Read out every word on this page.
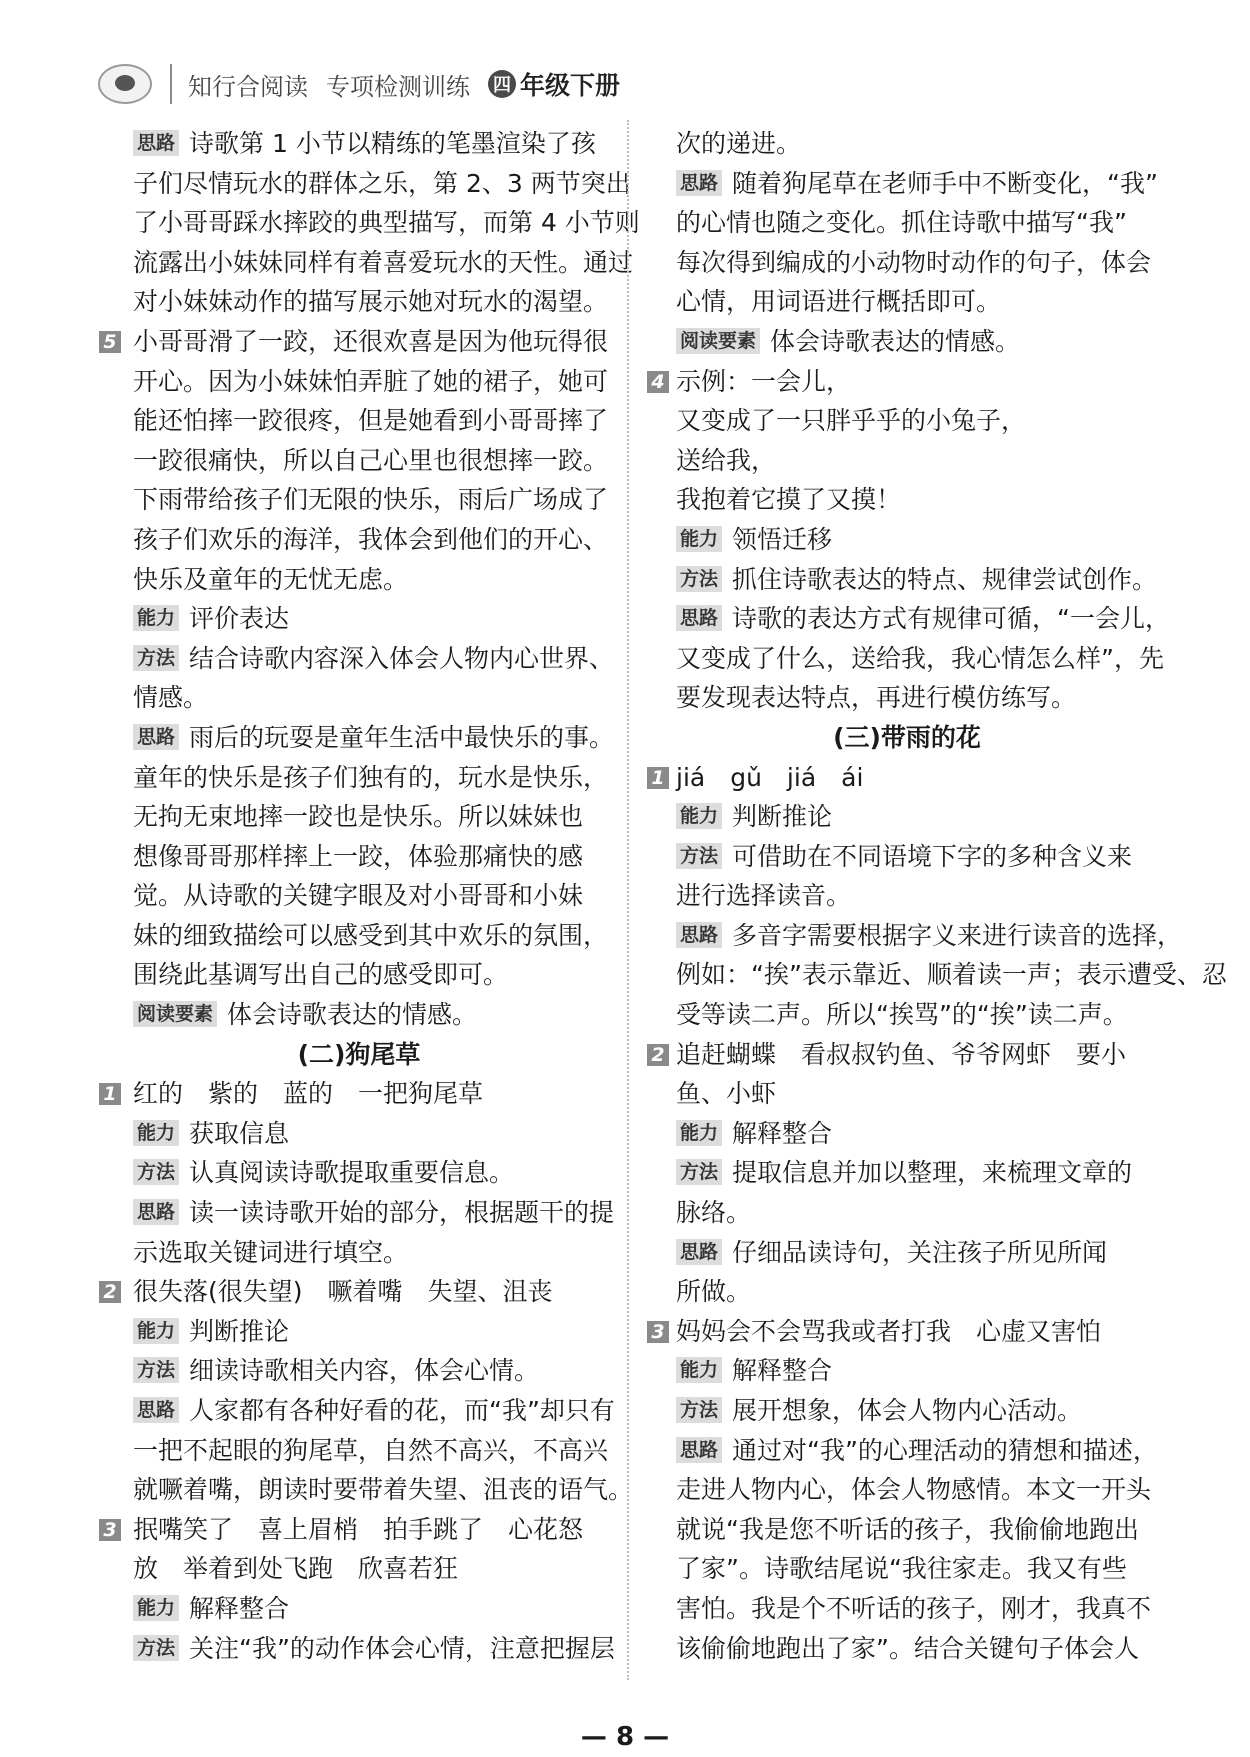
知行合阅读 专项检测训练 四 年级下册
思路 诗歌第 1 小节以精练的笔墨渲染了孩
子们尽情玩水的群体之乐，第 2、3 两节突出
了小哥哥踩水摔跤的典型描写，而第 4 小节则
流露出小妹妹同样有着喜爱玩水的天性。通过
对小妹妹动作的描写展示她对玩水的渴望。
5 小哥哥滑了一跤，还很欢喜是因为他玩得很
开心。因为小妹妹怕弄脏了她的裙子，她可
能还怕摔一跤很疼，但是她看到小哥哥摔了
一跤很痛快，所以自己心里也很想摔一跤。
下雨带给孩子们无限的快乐，雨后广场成了
孩子们欢乐的海洋，我体会到他们的开心、
快乐及童年的无忧无虑。
能力 评价表达
方法 结合诗歌内容深入体会人物内心世界、
情感。
思路 雨后的玩耍是童年生活中最快乐的事。
童年的快乐是孩子们独有的，玩水是快乐，
无拘无束地摔一跤也是快乐。所以妹妹也
想像哥哥那样摔上一跤，体验那痛快的感
觉。从诗歌的关键字眼及对小哥哥和小妹
妹的细致描绘可以感受到其中欢乐的氛围，
围绕此基调写出自己的感受即可。
阅读要素 体会诗歌表达的情感。
(二)狗尾草
1 红的　紫的　蓝的　一把狗尾草
能力 获取信息
方法 认真阅读诗歌提取重要信息。
思路 读一读诗歌开始的部分，根据题干的提
示选取关键词进行填空。
2 很失落(很失望)　噘着嘴　失望、沮丧
能力 判断推论
方法 细读诗歌相关内容，体会心情。
思路 人家都有各种好看的花，而“我”却只有
一把不起眼的狗尾草，自然不高兴，不高兴
就噘着嘴，朗读时要带着失望、沮丧的语气。
3 抿嘴笑了　喜上眉梢　拍手跳了　心花怒
放　举着到处飞跑　欣喜若狂
能力 解释整合
方法 关注“我”的动作体会心情，注意把握层
次的递进。
思路 随着狗尾草在老师手中不断变化，“我”
的心情也随之变化。抓住诗歌中描写“我”
每次得到编成的小动物时动作的句子，体会
心情，用词语进行概括即可。
阅读要素 体会诗歌表达的情感。
4 示例：一会儿，
又变成了一只胖乎乎的小兔子，
送给我，
我抱着它摸了又摸！
能力 领悟迁移
方法 抓住诗歌表达的特点、规律尝试创作。
思路 诗歌的表达方式有规律可循，“一会儿，
又变成了什么，送给我，我心情怎么样”，先
要发现表达特点，再进行模仿练写。
(三)带雨的花
1 jiá　gǔ　jiá　ái
能力 判断推论
方法 可借助在不同语境下字的多种含义来
进行选择读音。
思路 多音字需要根据字义来进行读音的选择，
例如：“挨”表示靠近、顺着读一声；表示遭受、忍
受等读二声。所以“挨骂”的“挨”读二声。
2 追赶蝴蝶　看叔叔钓鱼、爷爷网虾　要小
鱼、小虾
能力 解释整合
方法 提取信息并加以整理，来梳理文章的
脉络。
思路 仔细品读诗句，关注孩子所见所闻
所做。
3 妈妈会不会骂我或者打我　心虚又害怕
能力 解释整合
方法 展开想象，体会人物内心活动。
思路 通过对“我”的心理活动的猜想和描述，
走进人物内心，体会人物感情。本文一开头
就说“我是您不听话的孩子，我偷偷地跑出
了家”。诗歌结尾说“我往家走。我又有些
害怕。我是个不听话的孩子，刚才，我真不
该偷偷地跑出了家”。结合关键句子体会人
— 8 —
